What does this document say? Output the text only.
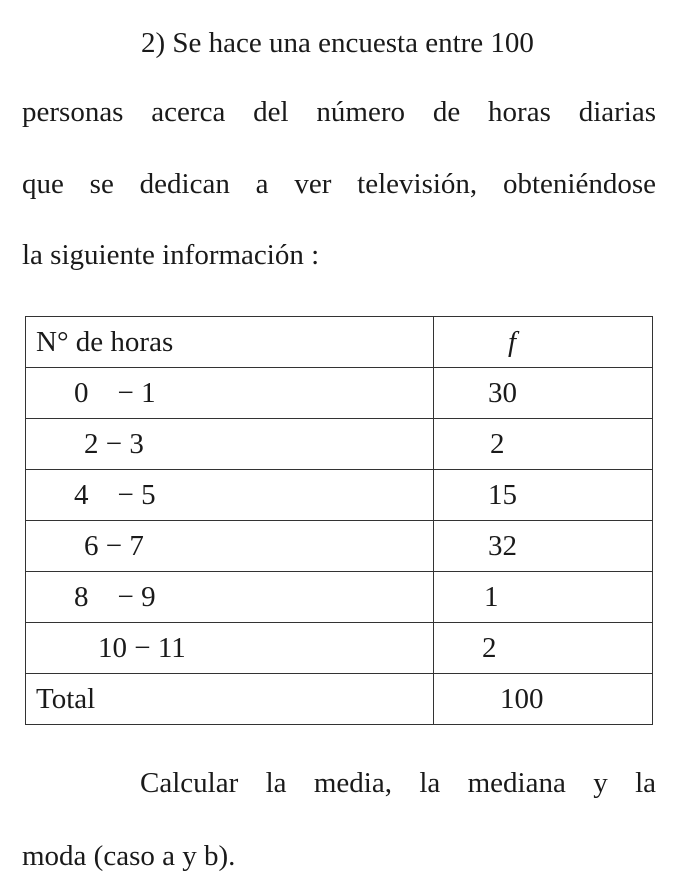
2) Se hace una encuesta entre 100
personas acerca del número de horas diarias
que se dedican a ver televisión, obteniéndose
la siguiente información :
N° de horas	f

0    − 1	30

2 − 3	2

4    − 5	15

6 − 7	32

8    − 9	1

10 − 11	2

Total	100
Calcular la media, la mediana y la
moda (caso a y b).
